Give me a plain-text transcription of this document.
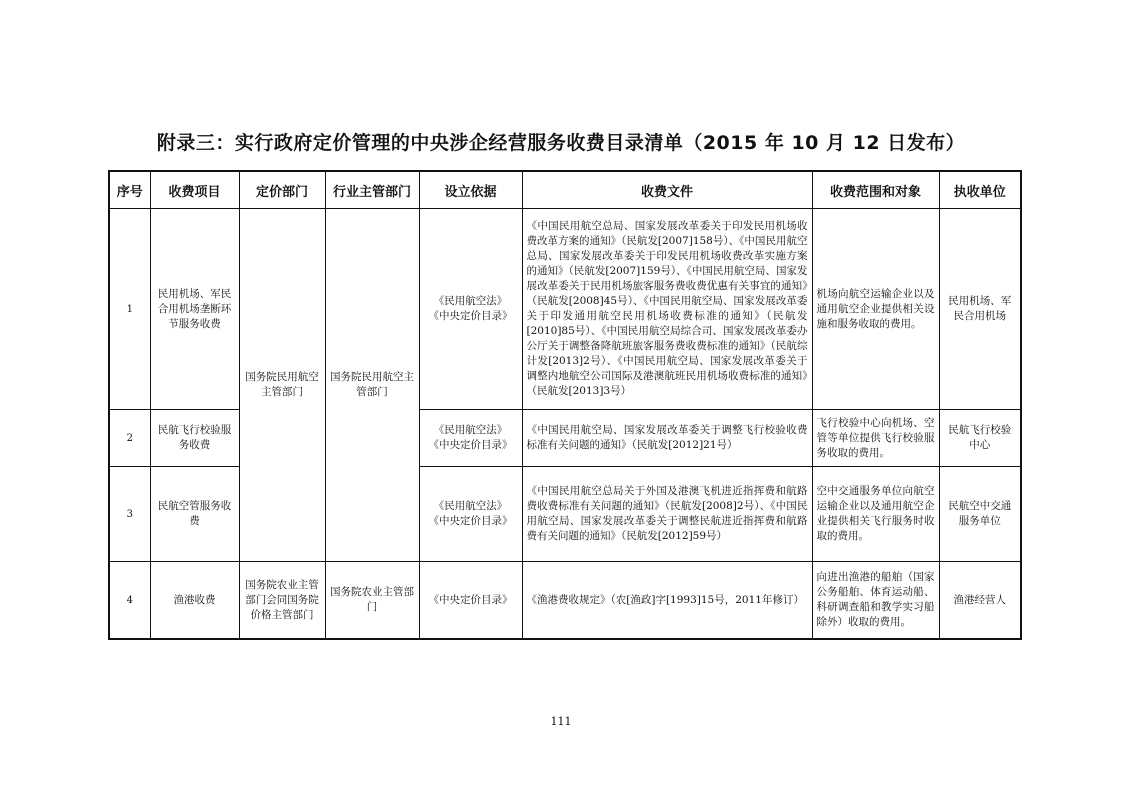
附录三：实行政府定价管理的中央涉企经营服务收费目录清单（2015 年 10 月 12 日发布）
序号	收费项目	定价部门	行业主管部门	设立依据	收费文件	收费范围和对象	执收单位

1	民用机场、军民合用机场垄断环节服务收费	国务院民用航空主管部门	国务院民用航空主管部门	《民用航空法》
《中央定价目录》	《中国民用航空总局、国家发展改革委关于印发民用机场收费改革方案的通知》（民航发[2007]158号）、《中国民用航空总局、国家发展改革委关于印发民用机场收费改革实施方案的通知》（民航发[2007]159号）、《中国民用航空局、国家发展改革委关于民用机场旅客服务费收费优惠有关事宜的通知》（民航发[2008]45号）、《中国民用航空局、国家发展改革委关于印发通用航空民用机场收费标准的通知》（民航发[2010]85号）、《中国民用航空局综合司、国家发展改革委办公厅关于调整备降航班旅客服务费收费标准的通知》（民航综计发[2013]2号）、《中国民用航空局、国家发展改革委关于调整内地航空公司国际及港澳航班民用机场收费标准的通知》（民航发[2013]3号）	机场向航空运输企业以及通用航空企业提供相关设施和服务收取的费用。	民用机场、军民合用机场

2	民航飞行校验服务收费			《民用航空法》
《中央定价目录》	《中国民用航空局、国家发展改革委关于调整飞行校验收费标准有关问题的通知》（民航发[2012]21号）	飞行校验中心向机场、空管等单位提供飞行校验服务收取的费用。	民航飞行校验中心

3	民航空管服务收费			《民用航空法》
《中央定价目录》	《中国民用航空总局关于外国及港澳飞机进近指挥费和航路费收费标准有关问题的通知》（民航发[2008]2号）、《中国民用航空局、国家发展改革委关于调整民航进近指挥费和航路费有关问题的通知》（民航发[2012]59号）	空中交通服务单位向航空运输企业以及通用航空企业提供相关飞行服务时收取的费用。	民航空中交通服务单位

4	渔港收费	国务院农业主管部门会同国务院价格主管部门	国务院农业主管部门	《中央定价目录》	《渔港费收规定》（农[渔政]字[1993]15号，2011年修订）	向进出渔港的船舶（国家公务船舶、体育运动船、科研调查船和教学实习船除外）收取的费用。	渔港经营人
111
